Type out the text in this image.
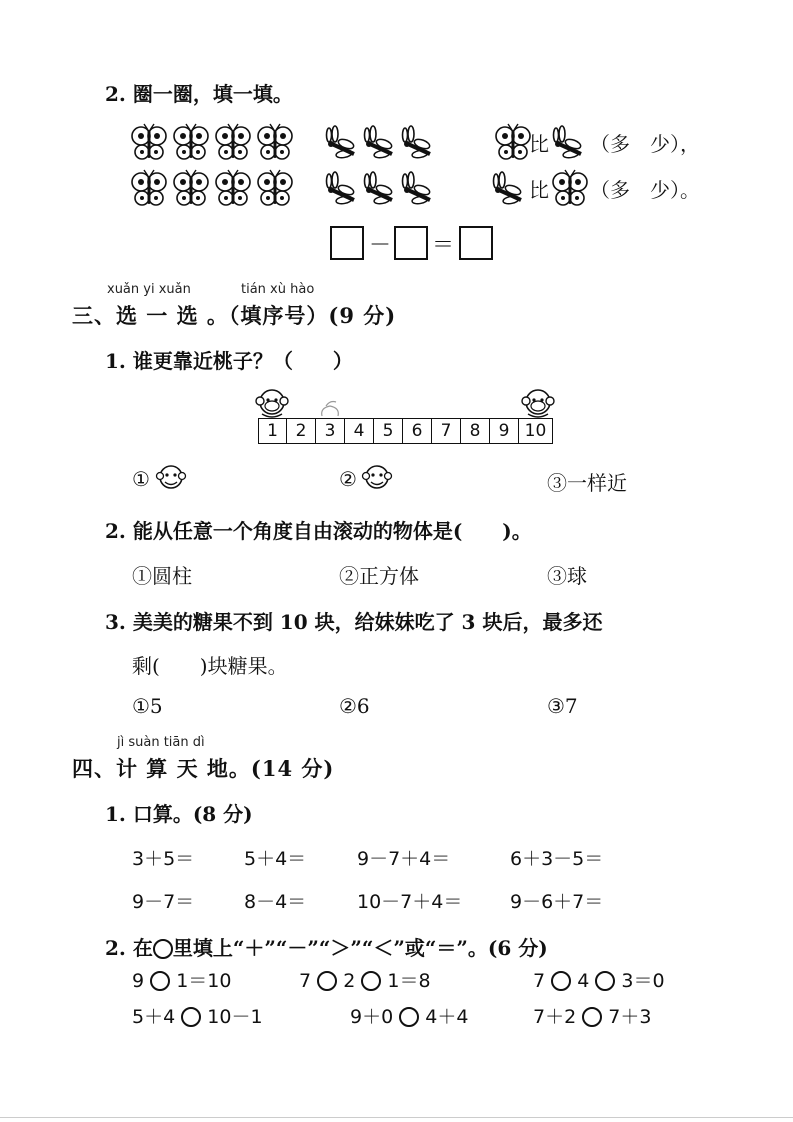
2. 圈一圈，填一填。
比 （多　少），
比 （多　少）。
－ ＝
xuǎn yi xuǎn	tián xù hào
三、选 一 选 。（填序号）(9 分)
1. 谁更靠近桃子？（　　）
1	2	3	4	5	6	7	8	9 10
①	②	③一样近
2. 能从任意一个角度自由滚动的物体是(　　)。
①圆柱	②正方体	③球
3. 美美的糖果不到 10 块，给妹妹吃了 3 块后，最多还
剩(　　)块糖果。
①5	②6	③7
jì suàn tiān dì
四、计 算 天 地。(14 分)
1. 口算。(8 分)
3＋5＝	5＋4＝	9－7＋4＝	6＋3－5＝
9－7＝	8－4＝	10－7＋4＝	9－6＋7＝
2. 在 里填上“＋”“－”“＞”“＜”或“＝”。(6 分)
9 1＝10	7 2 1＝8	7 4 3＝0
5＋4 10－1	9＋0 4＋4	7＋2 7＋3
